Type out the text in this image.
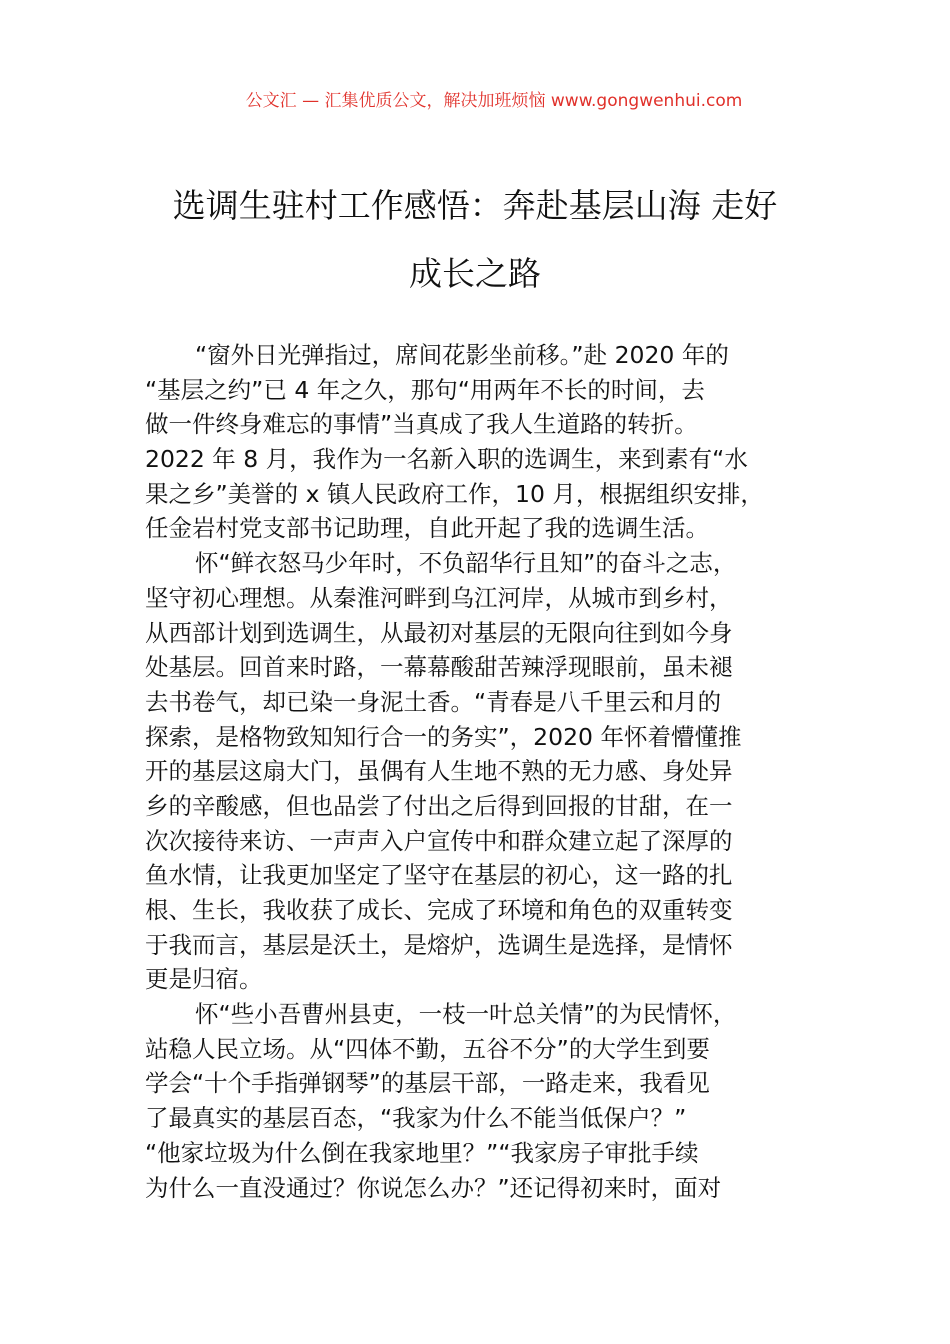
公文汇 — 汇集优质公文，解决加班烦恼 www.gongwenhui.com
选调生驻村工作感悟：奔赴基层山海 走好
成长之路
“窗外日光弹指过，席间花影坐前移。”赴 2020 年的
“基层之约”已 4 年之久，那句“用两年不长的时间，去
做一件终身难忘的事情”当真成了我人生道路的转折。
2022 年 8 月，我作为一名新入职的选调生，来到素有“水
果之乡”美誉的 x 镇人民政府工作，10 月，根据组织安排，
任金岩村党支部书记助理，自此开起了我的选调生活。
怀“鲜衣怒马少年时，不负韶华行且知”的奋斗之志，
坚守初心理想。从秦淮河畔到乌江河岸，从城市到乡村，
从西部计划到选调生，从最初对基层的无限向往到如今身
处基层。回首来时路，一幕幕酸甜苦辣浮现眼前，虽未褪
去书卷气，却已染一身泥土香。“青春是八千里云和月的
探索，是格物致知知行合一的务实”，2020 年怀着懵懂推
开的基层这扇大门，虽偶有人生地不熟的无力感、身处异
乡的辛酸感，但也品尝了付出之后得到回报的甘甜，在一
次次接待来访、一声声入户宣传中和群众建立起了深厚的
鱼水情，让我更加坚定了坚守在基层的初心，这一路的扎
根、生长，我收获了成长、完成了环境和角色的双重转变
于我而言，基层是沃土，是熔炉，选调生是选择，是情怀
更是归宿。
怀“些小吾曹州县吏，一枝一叶总关情”的为民情怀，
站稳人民立场。从“四体不勤，五谷不分”的大学生到要
学会“十个手指弹钢琴”的基层干部，一路走来，我看见
了最真实的基层百态，“我家为什么不能当低保户？”
“他家垃圾为什么倒在我家地里？”“我家房子审批手续
为什么一直没通过？你说怎么办？”还记得初来时，面对
